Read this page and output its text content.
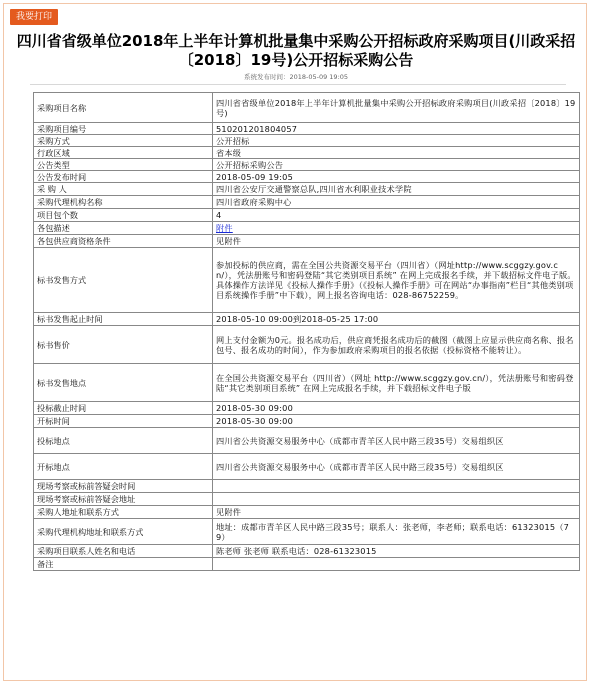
我要打印
四川省省级单位2018年上半年计算机批量集中采购公开招标政府采购项目(川政采招〔2018〕19号)公开招标采购公告
系统发布时间：2018-05-09 19:05
采购项目名称	四川省省级单位2018年上半年计算机批量集中采购公开招标政府采购项目(川政采招〔2018〕19号)
采购项目编号	510201201804057
采购方式	公开招标
行政区域	省本级
公告类型	公开招标采购公告
公告发布时间	2018-05-09 19:05
采 购 人	四川省公安厅交通警察总队,四川省水利职业技术学院
采购代理机构名称	四川省政府采购中心
项目包个数	4
各包描述	附件
各包供应商资格条件	见附件
标书发售方式	参加投标的供应商，需在全国公共资源交易平台（四川省）（网址http://www.scggzy.gov.cn/），凭法册账号和密码登陆“其它类别项目系统” 在网上完成报名手续，并下载招标文件电子版。具体操作方法详见《投标人操作手册》（《投标人操作手册》可在网站“办事指南”栏目“其他类别项目系统操作手册”中下载），网上报名咨询电话：028-86752259。
标书发售起止时间	2018-05-10 09:00到2018-05-25 17:00
标书售价	网上支付金额为0元。报名成功后，供应商凭报名成功后的截图（截图上应显示供应商名称、报名包号、报名成功的时间），作为参加政府采购项目的报名依据（投标资格不能转让）。
标书发售地点	在全国公共资源交易平台（四川省）（网址 http://www.scggzy.gov.cn/），凭法册账号和密码登陆“其它类别项目系统” 在网上完成报名手续，并下载招标文件电子版
投标截止时间	2018-05-30 09:00
开标时间	2018-05-30 09:00
投标地点	四川省公共资源交易服务中心（成都市青羊区人民中路三段35号）交易组织区
开标地点	四川省公共资源交易服务中心（成都市青羊区人民中路三段35号）交易组织区
现场考察或标前答疑会时间	
现场考察或标前答疑会地址	
采购人地址和联系方式	见附件
采购代理机构地址和联系方式	地址：成都市青羊区人民中路三段35号；联系人：张老师，李老师；联系电话：61323015（79）
采购项目联系人姓名和电话	陈老师 张老师 联系电话：028-61323015
备注	
